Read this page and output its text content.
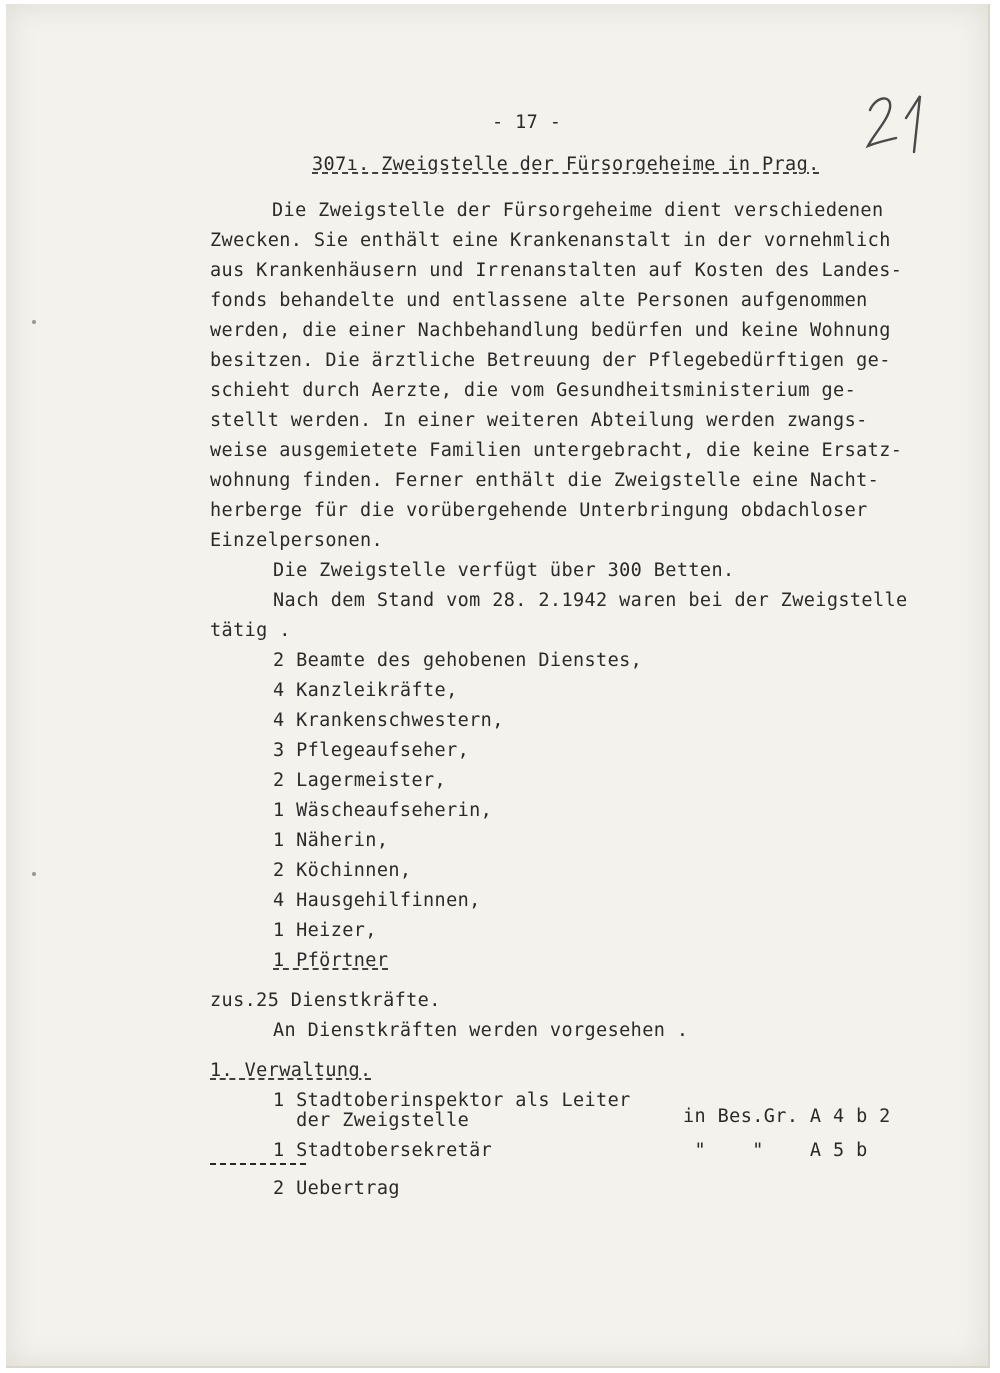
- 17 -
307ı. Zweigstelle der Fürsorgeheime in Prag.
Die Zweigstelle der Fürsorgeheime dient verschiedenen
Zwecken. Sie enthält eine Krankenanstalt in der vornehmlich
aus Krankenhäusern und Irrenanstalten auf Kosten des Landes-
fonds behandelte und entlassene alte Personen aufgenommen
werden, die einer Nachbehandlung bedürfen und keine Wohnung
besitzen. Die ärztliche Betreuung der Pflegebedürftigen ge-
schieht durch Aerzte, die vom Gesundheitsministerium ge-
stellt werden. In einer weiteren Abteilung werden zwangs-
weise ausgemietete Familien untergebracht, die keine Ersatz-
wohnung finden. Ferner enthält die Zweigstelle eine Nacht-
herberge für die vorübergehende Unterbringung obdachloser
Einzelpersonen.
Die Zweigstelle verfügt über 300 Betten.
Nach dem Stand vom 28. 2.1942 waren bei der Zweigstelle
tätig .
2 Beamte des gehobenen Dienstes,
4 Kanzleikräfte,
4 Krankenschwestern,
3 Pflegeaufseher,
2 Lagermeister,
1 Wäscheaufseherin,
1 Näherin,
2 Köchinnen,
4 Hausgehilfinnen,
1 Heizer,
1 Pförtner
zus.25 Dienstkräfte.
An Dienstkräften werden vorgesehen .
1. Verwaltung.
1 Stadtoberinspektor als Leiter
der Zweigstelle	in Bes.Gr. A 4 b 2
1 Stadtobersekretär	"    "    A 5 b
2 Uebertrag
